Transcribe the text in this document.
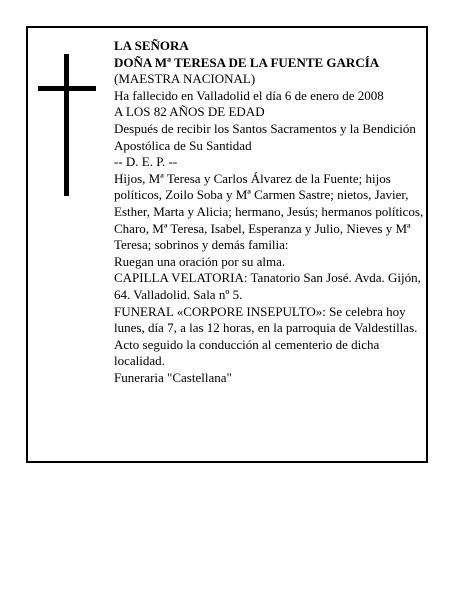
LA SEÑORA
DOÑA Mª TERESA DE LA FUENTE GARCÍA
(MAESTRA NACIONAL)
Ha fallecido en Valladolid el día 6 de enero de 2008
A LOS 82 AÑOS DE EDAD
Después de recibir los Santos Sacramentos y la Bendición Apostólica de Su Santidad
-- D. E. P. --
Hijos, Mª Teresa y Carlos Álvarez de la Fuente; hijos políticos, Zoilo Soba y Mª Carmen Sastre; nietos, Javier, Esther, Marta y Alicia; hermano, Jesús; hermanos políticos, Charo, Mª Teresa, Isabel, Esperanza y Julio, Nieves y Mª Teresa; sobrinos y demás familia:
Ruegan una oración por su alma.
CAPILLA VELATORIA: Tanatorio San José. Avda. Gijón, 64. Valladolid. Sala nº 5.
FUNERAL «CORPORE INSEPULTO»: Se celebra hoy lunes, día 7, a las 12 horas, en la parroquia de Valdestillas. Acto seguido la conducción al cementerio de dicha localidad.
Funeraria "Castellana"
